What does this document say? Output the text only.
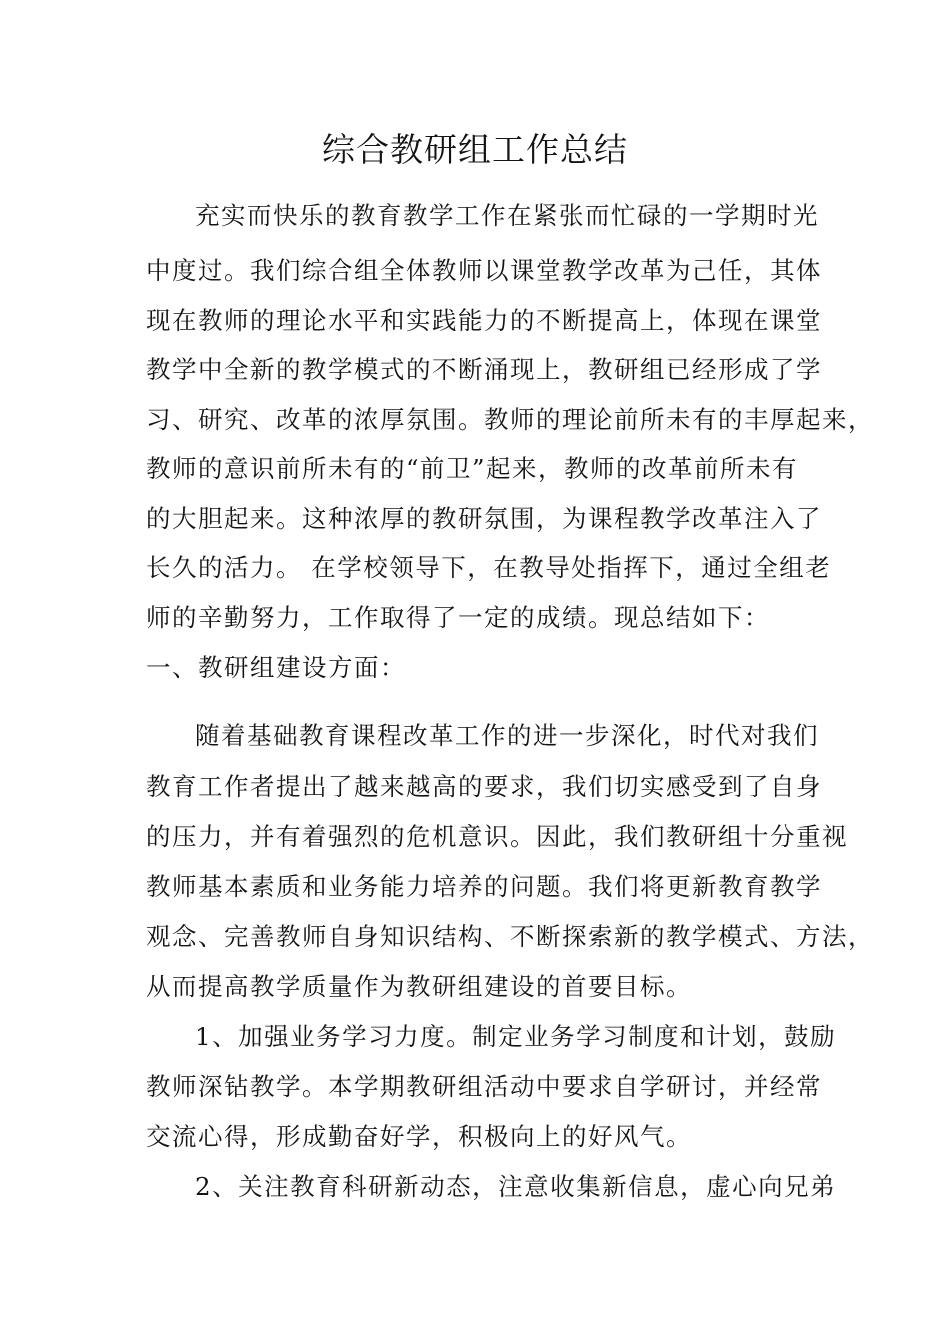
综合教研组工作总结
充实而快乐的教育教学工作在紧张而忙碌的一学期时光
中度过。我们综合组全体教师以课堂教学改革为己任，其体
现在教师的理论水平和实践能力的不断提高上，体现在课堂
教学中全新的教学模式的不断涌现上，教研组已经形成了学
习、研究、改革的浓厚氛围。教师的理论前所未有的丰厚起来，
教师的意识前所未有的“前卫”起来，教师的改革前所未有
的大胆起来。这种浓厚的教研氛围，为课程教学改革注入了
长久的活力。 在学校领导下，在教导处指挥下，通过全组老
师的辛勤努力，工作取得了一定的成绩。现总结如下：
一、教研组建设方面：
随着基础教育课程改革工作的进一步深化，时代对我们
教育工作者提出了越来越高的要求，我们切实感受到了自身
的压力，并有着强烈的危机意识。因此，我们教研组十分重视
教师基本素质和业务能力培养的问题。我们将更新教育教学
观念、完善教师自身知识结构、不断探索新的教学模式、方法，
从而提高教学质量作为教研组建设的首要目标。
1、加强业务学习力度。制定业务学习制度和计划，鼓励
教师深钻教学。本学期教研组活动中要求自学研讨，并经常
交流心得，形成勤奋好学，积极向上的好风气。
2、关注教育科研新动态，注意收集新信息，虚心向兄弟
